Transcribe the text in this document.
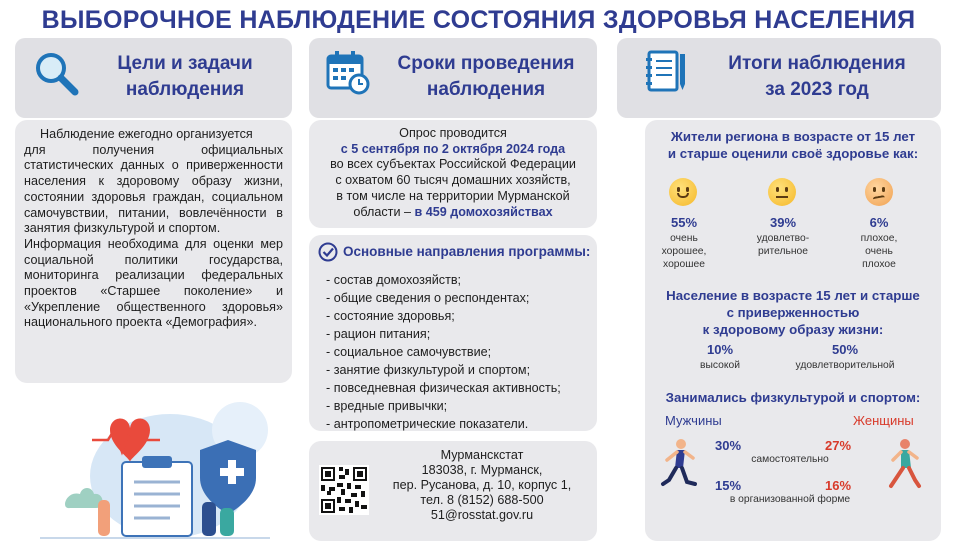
ВЫБОРОЧНОЕ НАБЛЮДЕНИЕ СОСТОЯНИЯ ЗДОРОВЬЯ НАСЕЛЕНИЯ
Цели и задачи
наблюдения
Сроки проведения
наблюдения
Итоги наблюдения
за 2023 год
Наблюдение ежегодно организуется
для получения официальных статистических данных о приверженности населения к здоровому образу жизни, состоянии здоровья граждан, социальном самочувствии, питании, вовлечённости в занятия физкультурой и спортом.
Информация необходима для оценки мер социальной политики государства, мониторинга реализации федеральных проектов «Старшее поколение» и «Укрепление общественного здоровья» национального проекта «Демография».
Опрос проводится
с 5 сентября по 2 октября 2024 года
во всех субъектах Российской Федерации
с охватом 60 тысяч домашних хозяйств,
в том числе на территории Мурманской
области – в 459 домохозяйствах
Основные направления программы:
- состав домохозяйств;
- общие сведения о респондентах;
- состояние здоровья;
- рацион питания;
- социальное самочувствие;
- занятие физкультурой и спортом;
- повседневная физическая активность;
- вредные привычки;
- антропометрические показатели.
Мурманскстат
183038, г. Мурманск,
пер. Русанова, д. 10, корпус 1,
тел. 8 (8152) 688-500
51@rosstat.gov.ru
Жители региона в возрасте от 15 лет
и старше оценили своё здоровье как:
55%
очень
хорошее,
хорошее
39%
удовлетво-
рительное
6%
плохое,
очень
плохое
Население в возрасте 15 лет и старше
с приверженностью
к здоровому образу жизни:
10%
высокой
50%
удовлетворительной
Занимались физкультурой и спортом:
Мужчины	Женщины
30%	27%
самостоятельно
15%	16%
в организованной форме
